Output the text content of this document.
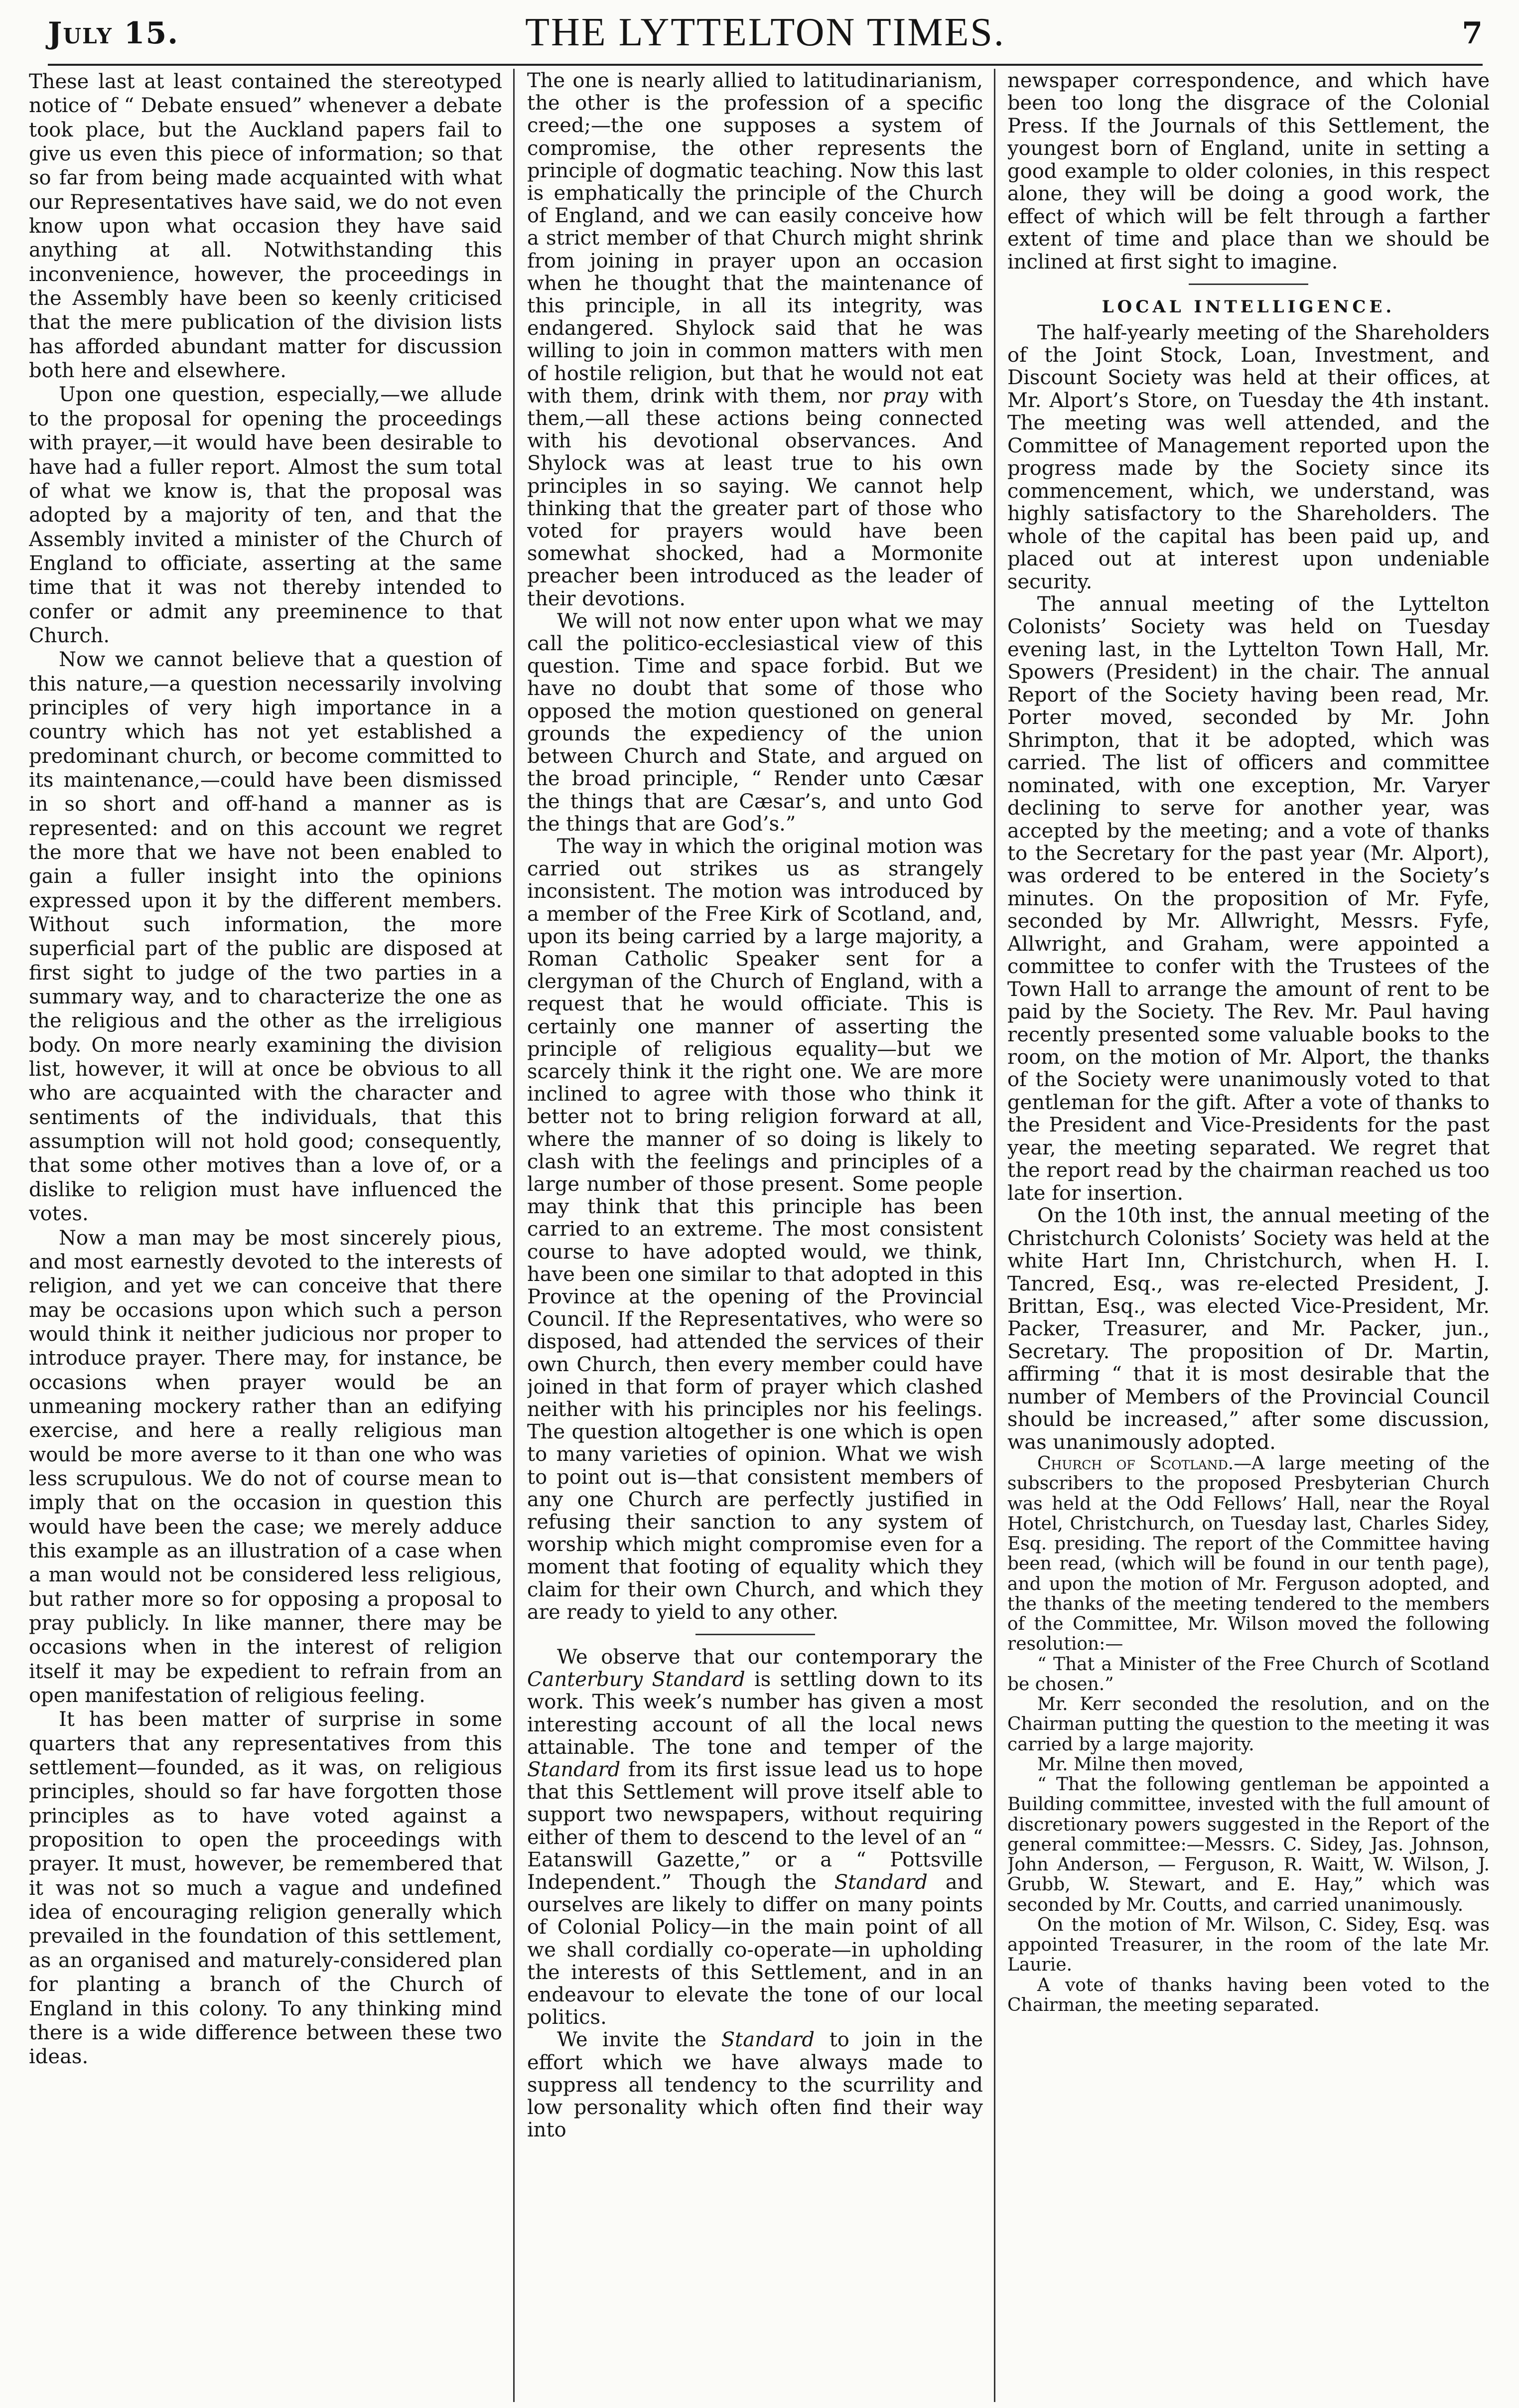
July 15.	THE LYTTELTON TIMES.	7

These last at least contained the stereotyped notice of “ Debate ensued” whenever a debate took place, but the Auckland papers fail to give us even this piece of information; so that so far from being made acquainted with what our Representatives have said, we do not even know upon what occasion they have said anything at all. Notwithstanding this inconvenience, however, the proceedings in the Assembly have been so keenly criticised that the mere publication of the division lists has afforded abundant matter for discussion both here and elsewhere.

Upon one question, especially,—we allude to the proposal for opening the proceedings with prayer,—it would have been desirable to have had a fuller report. Almost the sum total of what we know is, that the proposal was adopted by a majority of ten, and that the Assembly invited a minister of the Church of England to officiate, asserting at the same time that it was not thereby intended to confer or admit any preeminence to that Church.

Now we cannot believe that a question of this nature,—a question necessarily involving principles of very high importance in a country which has not yet established a predominant church, or become committed to its maintenance,—could have been dismissed in so short and off-hand a manner as is represented: and on this account we regret the more that we have not been enabled to gain a fuller insight into the opinions expressed upon it by the different members. Without such information, the more superficial part of the public are disposed at first sight to judge of the two parties in a summary way, and to characterize the one as the religious and the other as the irreligious body. On more nearly examining the division list, however, it will at once be obvious to all who are acquainted with the character and sentiments of the individuals, that this assumption will not hold good; consequently, that some other motives than a love of, or a dislike to religion must have influenced the votes.

Now a man may be most sincerely pious, and most earnestly devoted to the interests of religion, and yet we can conceive that there may be occasions upon which such a person would think it neither judicious nor proper to introduce prayer. There may, for instance, be occasions when prayer would be an unmeaning mockery rather than an edifying exercise, and here a really religious man would be more averse to it than one who was less scrupulous. We do not of course mean to imply that on the occasion in question this would have been the case; we merely adduce this example as an illustration of a case when a man would not be considered less religious, but rather more so for opposing a proposal to pray publicly. In like manner, there may be occasions when in the interest of religion itself it may be expedient to refrain from an open manifestation of religious feeling.

It has been matter of surprise in some quarters that any representatives from this settlement—founded, as it was, on religious principles, should so far have forgotten those principles as to have voted against a proposition to open the proceedings with prayer. It must, however, be remembered that it was not so much a vague and undefined idea of encouraging religion generally which prevailed in the foundation of this settlement, as an organised and maturely-considered plan for planting a branch of the Church of England in this colony. To any thinking mind there is a wide difference between these two ideas.

The one is nearly allied to latitudinarianism, the other is the profession of a specific creed;—the one supposes a system of compromise, the other represents the principle of dogmatic teaching. Now this last is emphatically the principle of the Church of England, and we can easily conceive how a strict member of that Church might shrink from joining in prayer upon an occasion when he thought that the maintenance of this principle, in all its integrity, was endangered. Shylock said that he was willing to join in common matters with men of hostile religion, but that he would not eat with them, drink with them, nor pray with them,—all these actions being connected with his devotional observances. And Shylock was at least true to his own principles in so saying. We cannot help thinking that the greater part of those who voted for prayers would have been somewhat shocked, had a Mormonite preacher been introduced as the leader of their devotions.

We will not now enter upon what we may call the politico-ecclesiastical view of this question. Time and space forbid. But we have no doubt that some of those who opposed the motion questioned on general grounds the expediency of the union between Church and State, and argued on the broad principle, “ Render unto Cæsar the things that are Cæsar’s, and unto God the things that are God’s.”

The way in which the original motion was carried out strikes us as strangely inconsistent. The motion was introduced by a member of the Free Kirk of Scotland, and, upon its being carried by a large majority, a Roman Catholic Speaker sent for a clergyman of the Church of England, with a request that he would officiate. This is certainly one manner of asserting the principle of religious equality—but we scarcely think it the right one. We are more inclined to agree with those who think it better not to bring religion forward at all, where the manner of so doing is likely to clash with the feelings and principles of a large number of those present. Some people may think that this principle has been carried to an extreme. The most consistent course to have adopted would, we think, have been one similar to that adopted in this Province at the opening of the Provincial Council. If the Representatives, who were so disposed, had attended the services of their own Church, then every member could have joined in that form of prayer which clashed neither with his principles nor his feelings. The question altogether is one which is open to many varieties of opinion. What we wish to point out is—that consistent members of any one Church are perfectly justified in refusing their sanction to any system of worship which might compromise even for a moment that footing of equality which they claim for their own Church, and which they are ready to yield to any other.

We observe that our contemporary the Canterbury Standard is settling down to its work. This week’s number has given a most interesting account of all the local news attainable. The tone and temper of the Standard from its first issue lead us to hope that this Settlement will prove itself able to support two newspapers, without requiring either of them to descend to the level of an “ Eatanswill Gazette,” or a “ Pottsville Independent.” Though the Standard and ourselves are likely to differ on many points of Colonial Policy—in the main point of all we shall cordially co-operate—in upholding the interests of this Settlement, and in an endeavour to elevate the tone of our local politics.

We invite the Standard to join in the effort which we have always made to suppress all tendency to the scurrility and low personality which often find their way into

newspaper correspondence, and which have been too long the disgrace of the Colonial Press. If the Journals of this Settlement, the youngest born of England, unite in setting a good example to older colonies, in this respect alone, they will be doing a good work, the effect of which will be felt through a farther extent of time and place than we should be inclined at first sight to imagine.

LOCAL INTELLIGENCE.

The half-yearly meeting of the Shareholders of the Joint Stock, Loan, Investment, and Discount Society was held at their offices, at Mr. Alport’s Store, on Tuesday the 4th instant. The meeting was well attended, and the Committee of Management reported upon the progress made by the Society since its commencement, which, we understand, was highly satisfactory to the Shareholders. The whole of the capital has been paid up, and placed out at interest upon undeniable security.

The annual meeting of the Lyttelton Colonists’ Society was held on Tuesday evening last, in the Lyttelton Town Hall, Mr. Spowers (President) in the chair. The annual Report of the Society having been read, Mr. Porter moved, seconded by Mr. John Shrimpton, that it be adopted, which was carried. The list of officers and committee nominated, with one exception, Mr. Varyer declining to serve for another year, was accepted by the meeting; and a vote of thanks to the Secretary for the past year (Mr. Alport), was ordered to be entered in the Society’s minutes. On the proposition of Mr. Fyfe, seconded by Mr. Allwright, Messrs. Fyfe, Allwright, and Graham, were appointed a committee to confer with the Trustees of the Town Hall to arrange the amount of rent to be paid by the Society. The Rev. Mr. Paul having recently presented some valuable books to the room, on the motion of Mr. Alport, the thanks of the Society were unanimously voted to that gentleman for the gift. After a vote of thanks to the President and Vice-Presidents for the past year, the meeting separated. We regret that the report read by the chairman reached us too late for insertion.

On the 10th inst, the annual meeting of the Christchurch Colonists’ Society was held at the white Hart Inn, Christchurch, when H. I. Tancred, Esq., was re-elected President, J. Brittan, Esq., was elected Vice-President, Mr. Packer, Treasurer, and Mr. Packer, jun., Secretary. The proposition of Dr. Martin, affirming “ that it is most desirable that the number of Members of the Provincial Council should be increased,” after some discussion, was unanimously adopted.

Church of Scotland.—A large meeting of the subscribers to the proposed Presbyterian Church was held at the Odd Fellows’ Hall, near the Royal Hotel, Christchurch, on Tuesday last, Charles Sidey, Esq. presiding. The report of the Committee having been read, (which will be found in our tenth page), and upon the motion of Mr. Ferguson adopted, and the thanks of the meeting tendered to the members of the Committee, Mr. Wilson moved the following resolution:—

“ That a Minister of the Free Church of Scotland be chosen.”

Mr. Kerr seconded the resolution, and on the Chairman putting the question to the meeting it was carried by a large majority.

Mr. Milne then moved,

“ That the following gentleman be appointed a Building committee, invested with the full amount of discretionary powers suggested in the Report of the general committee:—Messrs. C. Sidey, Jas. Johnson, John Anderson, — Ferguson, R. Waitt, W. Wilson, J. Grubb, W. Stewart, and E. Hay,” which was seconded by Mr. Coutts, and carried unanimously.

On the motion of Mr. Wilson, C. Sidey, Esq. was appointed Treasurer, in the room of the late Mr. Laurie.

A vote of thanks having been voted to the Chairman, the meeting separated.
